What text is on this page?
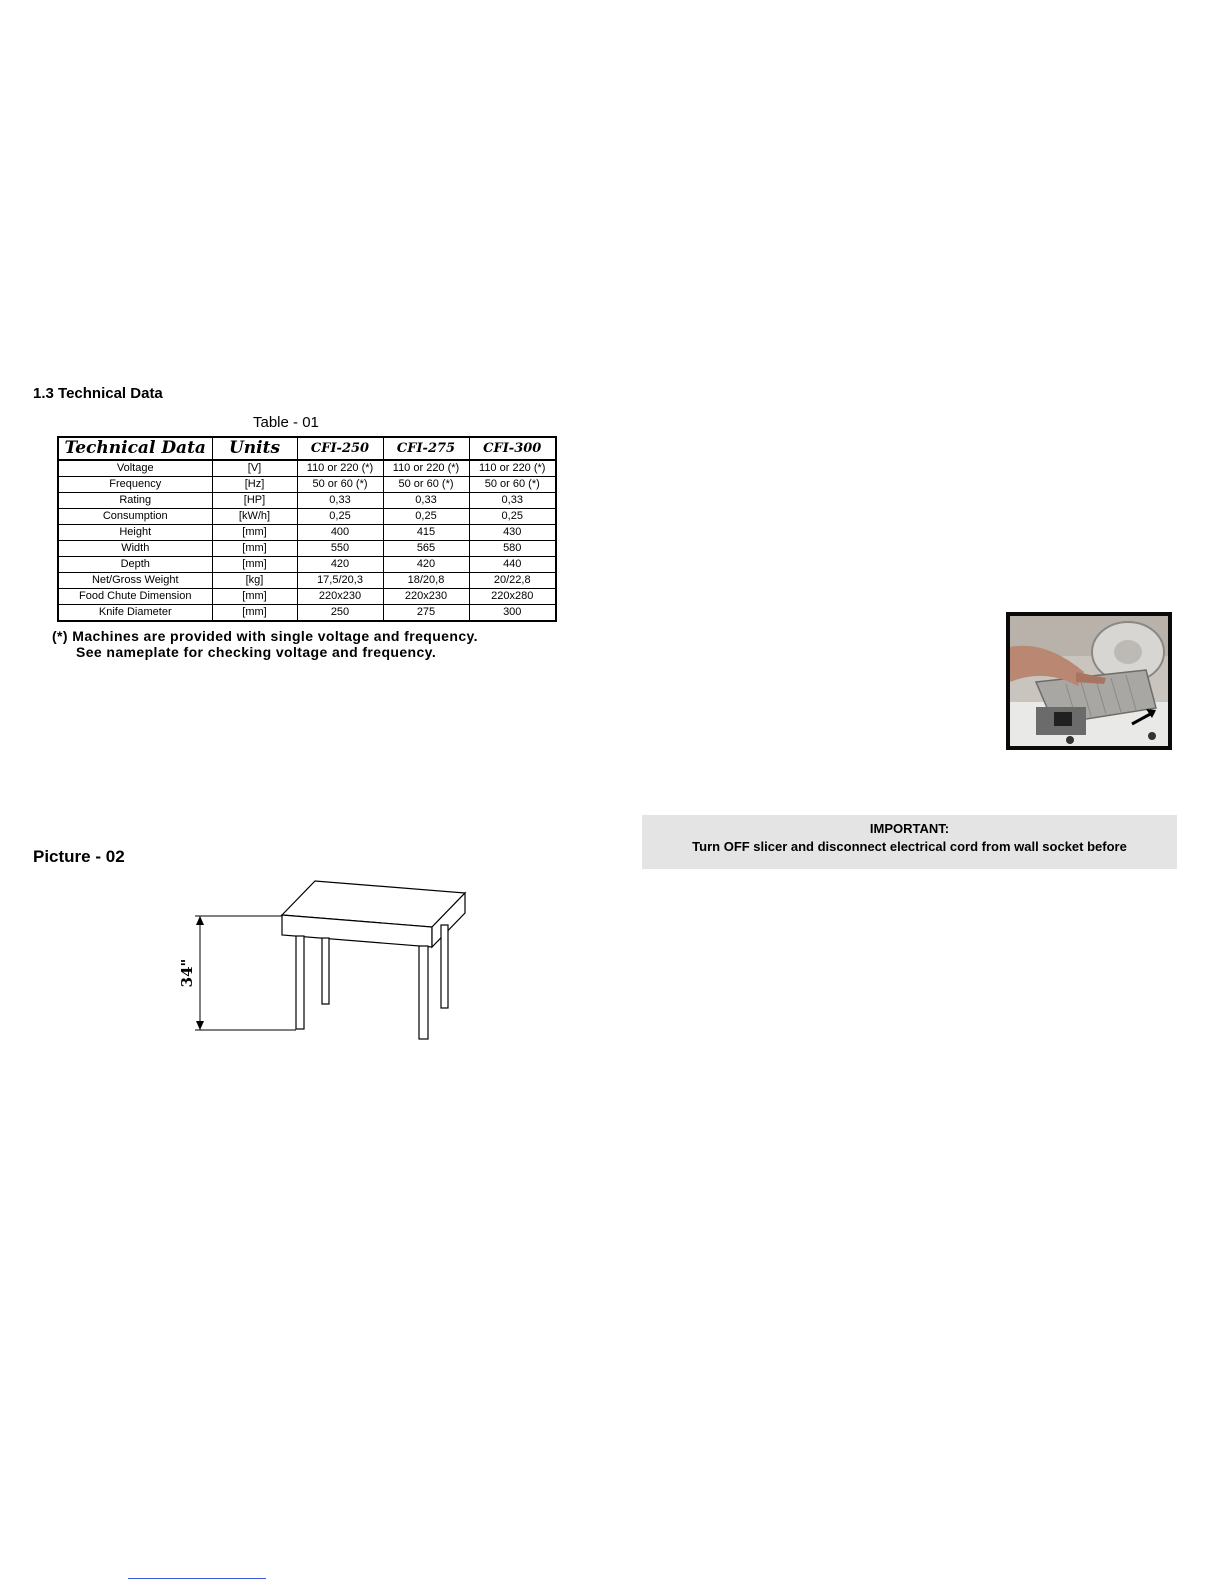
1.3 Technical Data
Table - 01
Technical Data	Units	CFI-250	CFI-275	CFI-300
Voltage	[V]	110 or 220 (*)	110 or 220 (*)	110 or 220 (*)
Frequency	[Hz]	50 or 60 (*)	50 or 60 (*)	50 or 60 (*)
Rating	[HP]	0,33	0,33	0,33
Consumption	[kW/h]	0,25	0,25	0,25
Height	[mm]	400	415	430
Width	[mm]	550	565	580
Depth	[mm]	420	420	440
Net/Gross Weight	[kg]	17,5/20,3	18/20,8	20/22,8
Food Chute Dimension	[mm]	220x230	220x230	220x280
Knife Diameter	[mm]	250	275	300
(*) Machines are provided with single voltage and frequency.
See nameplate for checking voltage and frequency.
IMPORTANT:
Turn OFF slicer and disconnect electrical cord from wall socket before
Picture - 02
34"
